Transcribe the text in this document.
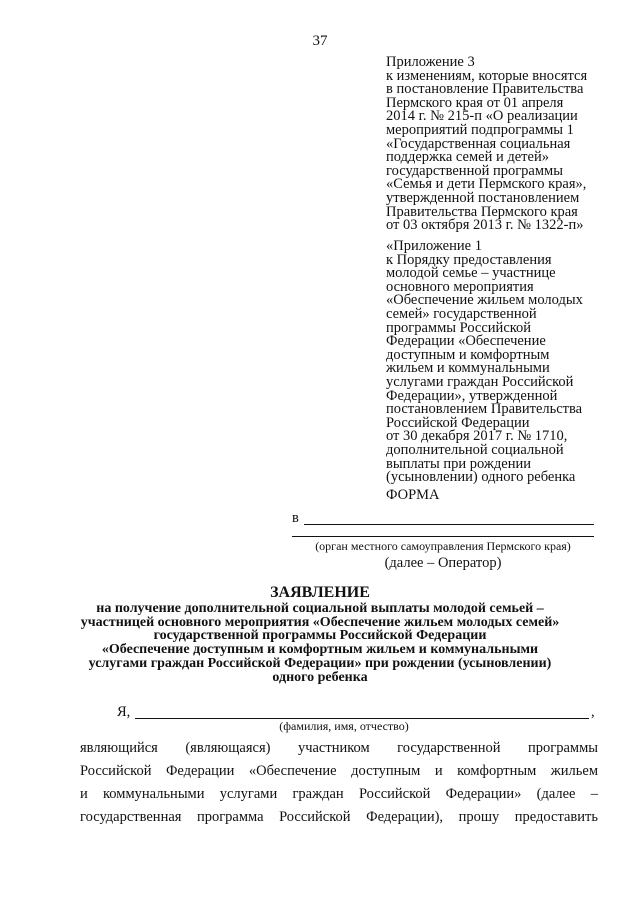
37
Приложение 3
к изменениям, которые вносятся
в постановление Правительства
Пермского края от 01 апреля
2014 г. № 215-п «О реализации
мероприятий подпрограммы 1
«Государственная социальная
поддержка семей и детей»
государственной программы
«Семья и дети Пермского края»,
утвержденной постановлением
Правительства Пермского края
от 03 октября 2013 г. № 1322-п»
«Приложение 1
к Порядку предоставления
молодой семье – участнице
основного мероприятия
«Обеспечение жильем молодых
семей» государственной
программы Российской
Федерации «Обеспечение
доступным и комфортным
жильем и коммунальными
услугами граждан Российской
Федерации», утвержденной
постановлением Правительства
Российской Федерации
от 30 декабря 2017 г. № 1710,
дополнительной социальной
выплаты при рождении
(усыновлении) одного ребенка
ФОРМА
в
(орган местного самоуправления Пермского края)
(далее – Оператор)
ЗАЯВЛЕНИЕ
на получение дополнительной социальной выплаты молодой семьей –
участницей основного мероприятия «Обеспечение жильем молодых семей»
государственной программы Российской Федерации
«Обеспечение доступным и комфортным жильем и коммунальными
услугами граждан Российской Федерации» при рождении (усыновлении)
одного ребенка
Я,	,
(фамилия, имя, отчество)
являющийся (являющаяся) участником государственной программы
Российской Федерации «Обеспечение доступным и комфортным жильем
и коммунальными услугами граждан Российской Федерации» (далее –
государственная программа Российской Федерации), прошу предоставить
